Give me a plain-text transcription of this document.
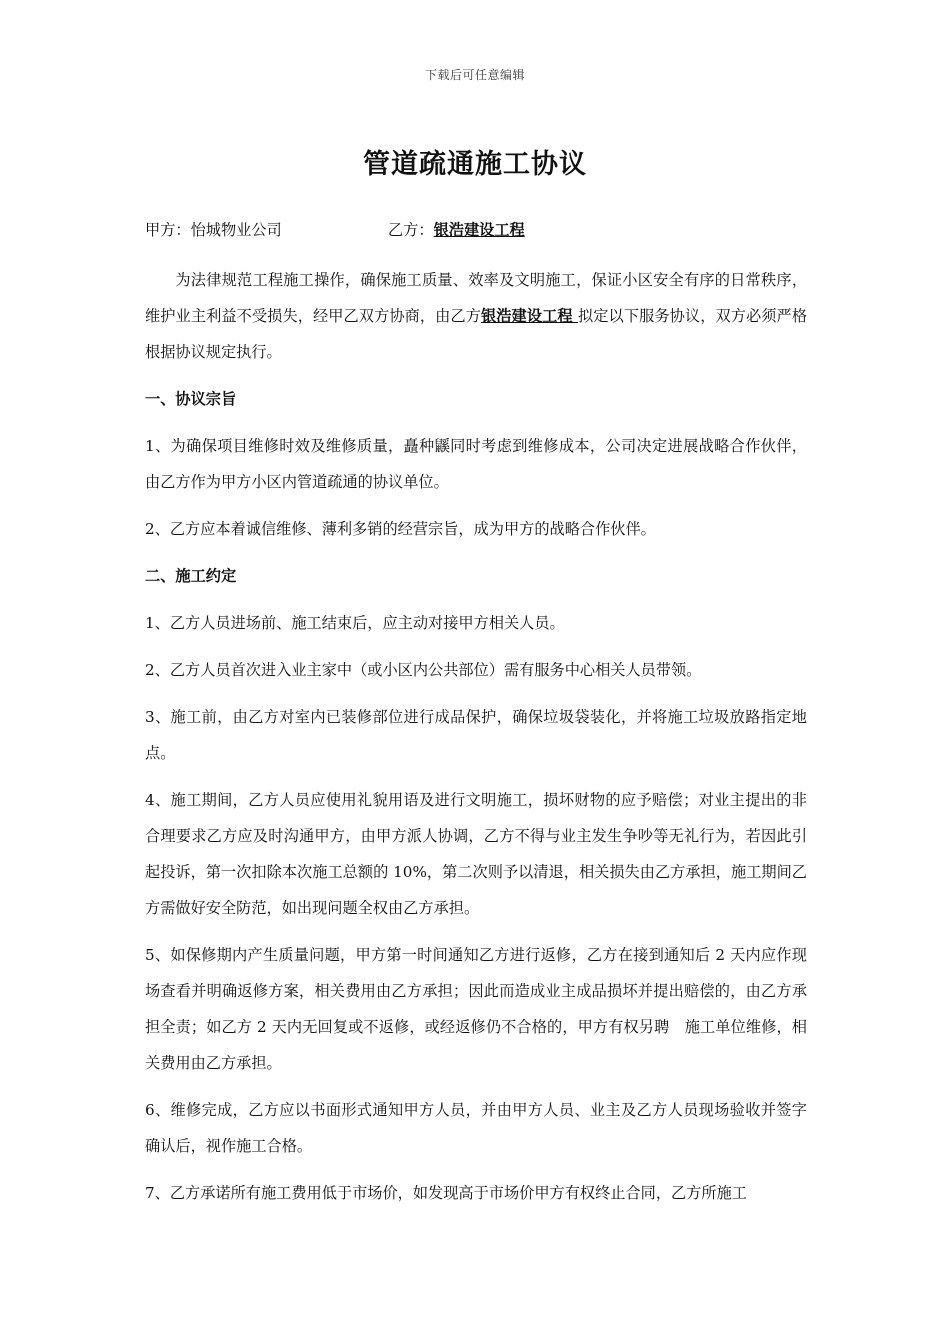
下载后可任意编辑
管道疏通施工协议
甲方：怡城物业公司	乙方：银浩建设工程

为法律规范工程施工操作，确保施工质量、效率及文明施工，保证小区安全有序的日常秩序，维护业主利益不受损失，经甲乙双方协商，由乙方银浩建设工程 拟定以下服务协议，双方必须严格根据协议规定执行。

一、协议宗旨

1、为确保项目维修时效及维修质量，矗种鼷同时考虑到维修成本，公司决定进展战略合作伙伴，由乙方作为甲方小区内管道疏通的协议单位。

2、乙方应本着诚信维修、薄利多销的经营宗旨，成为甲方的战略合作伙伴。

二、施工约定

1、乙方人员进场前、施工结束后，应主动对接甲方相关人员。

2、乙方人员首次进入业主家中（或小区内公共部位）需有服务中心相关人员带领。

3、施工前，由乙方对室内已装修部位进行成品保护，确保垃圾袋装化，并将施工垃圾放路指定地点。

4、施工期间，乙方人员应使用礼貌用语及进行文明施工，损坏财物的应予赔偿；对业主提出的非合理要求乙方应及时沟通甲方，由甲方派人协调，乙方不得与业主发生争吵等无礼行为，若因此引起投诉，第一次扣除本次施工总额的 10%，第二次则予以清退，相关损失由乙方承担，施工期间乙方需做好安全防范，如出现问题全权由乙方承担。

5、如保修期内产生质量问题，甲方第一时间通知乙方进行返修，乙方在接到通知后 2 天内应作现场查看并明确返修方案，相关费用由乙方承担；因此而造成业主成品损坏并提出赔偿的，由乙方承担全责；如乙方 2 天内无回复或不返修，或经返修仍不合格的，甲方有权另聘　施工单位维修，相关费用由乙方承担。

6、维修完成，乙方应以书面形式通知甲方人员，并由甲方人员、业主及乙方人员现场验收并签字确认后，视作施工合格。

7、乙方承诺所有施工费用低于市场价，如发现高于市场价甲方有权终止合同，乙方所施工
